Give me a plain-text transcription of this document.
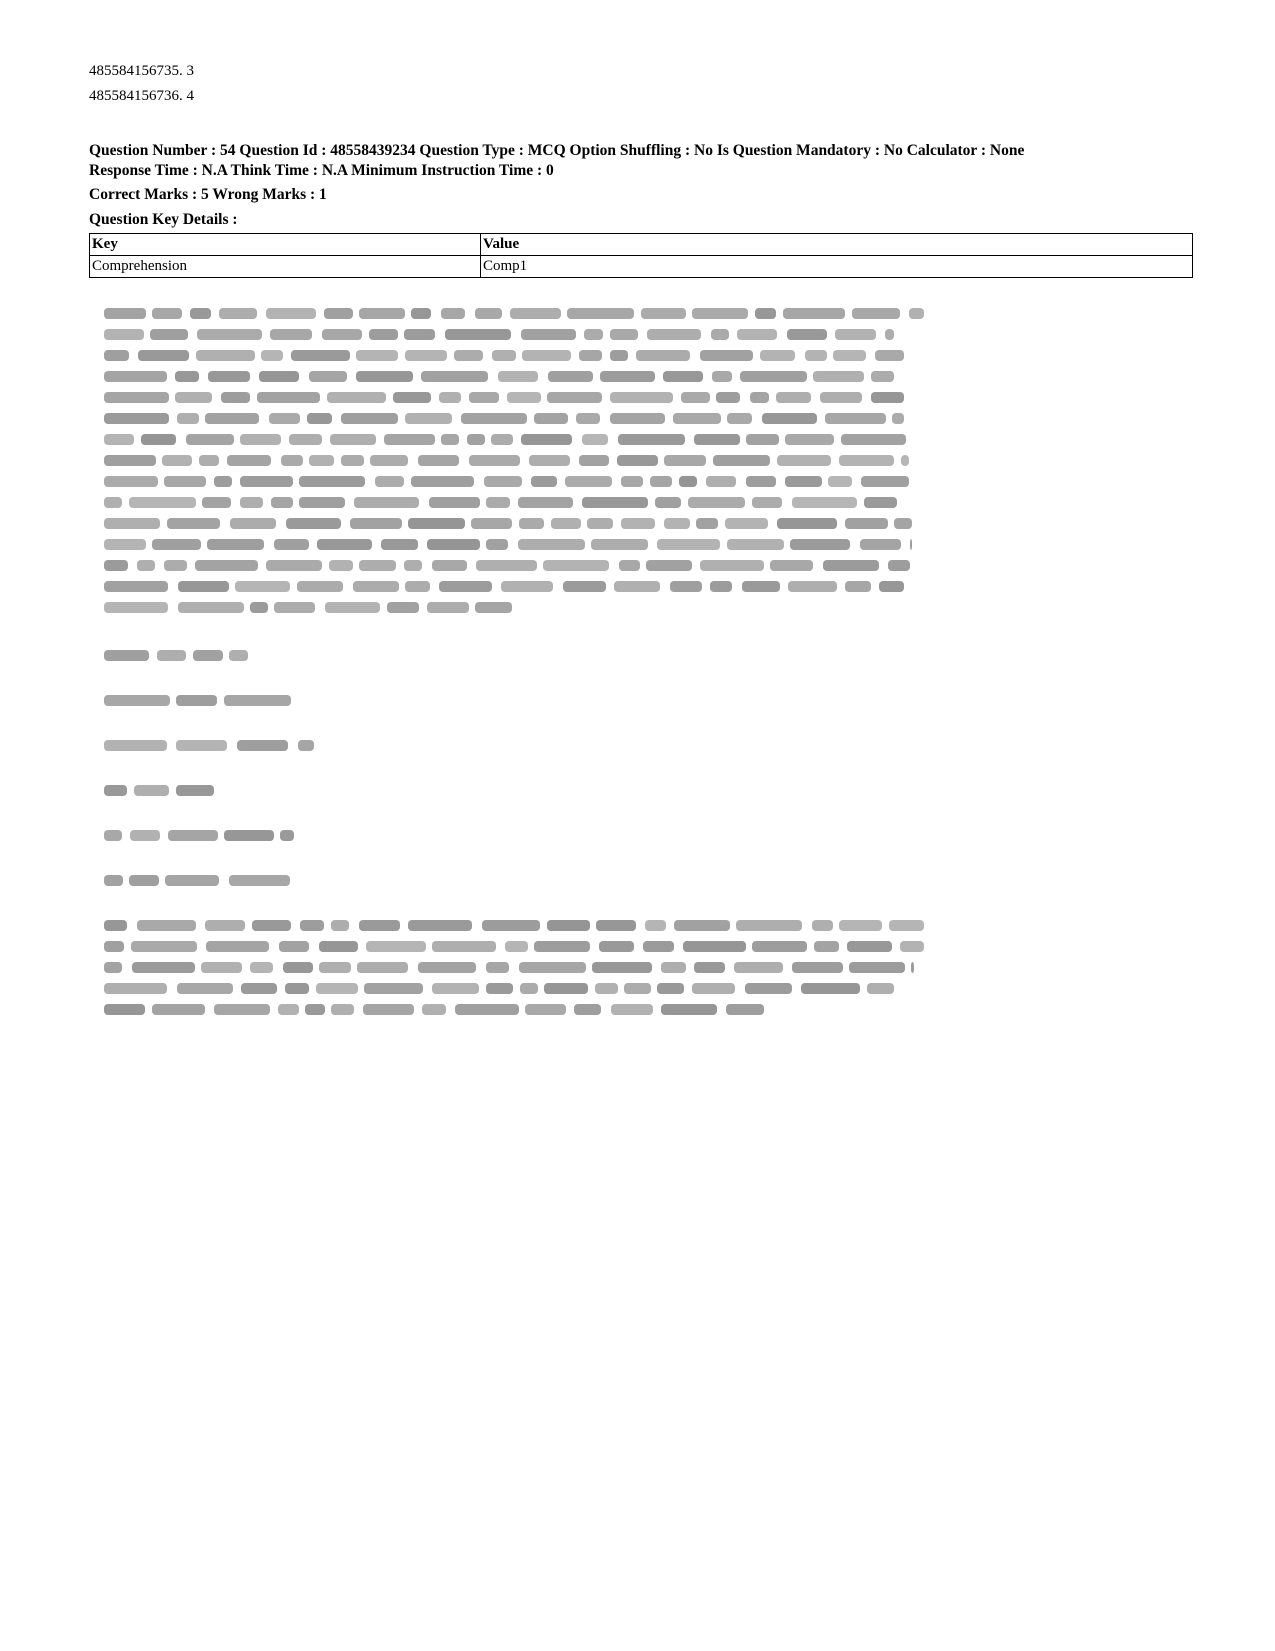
485584156735. 3
485584156736. 4
Question Number : 54 Question Id : 48558439234 Question Type : MCQ Option Shuffling : No Is Question Mandatory : No Calculator : None
Response Time : N.A Think Time : N.A Minimum Instruction Time : 0
Correct Marks : 5 Wrong Marks : 1
Question Key Details :
Key	Value
Comprehension	Comp1
